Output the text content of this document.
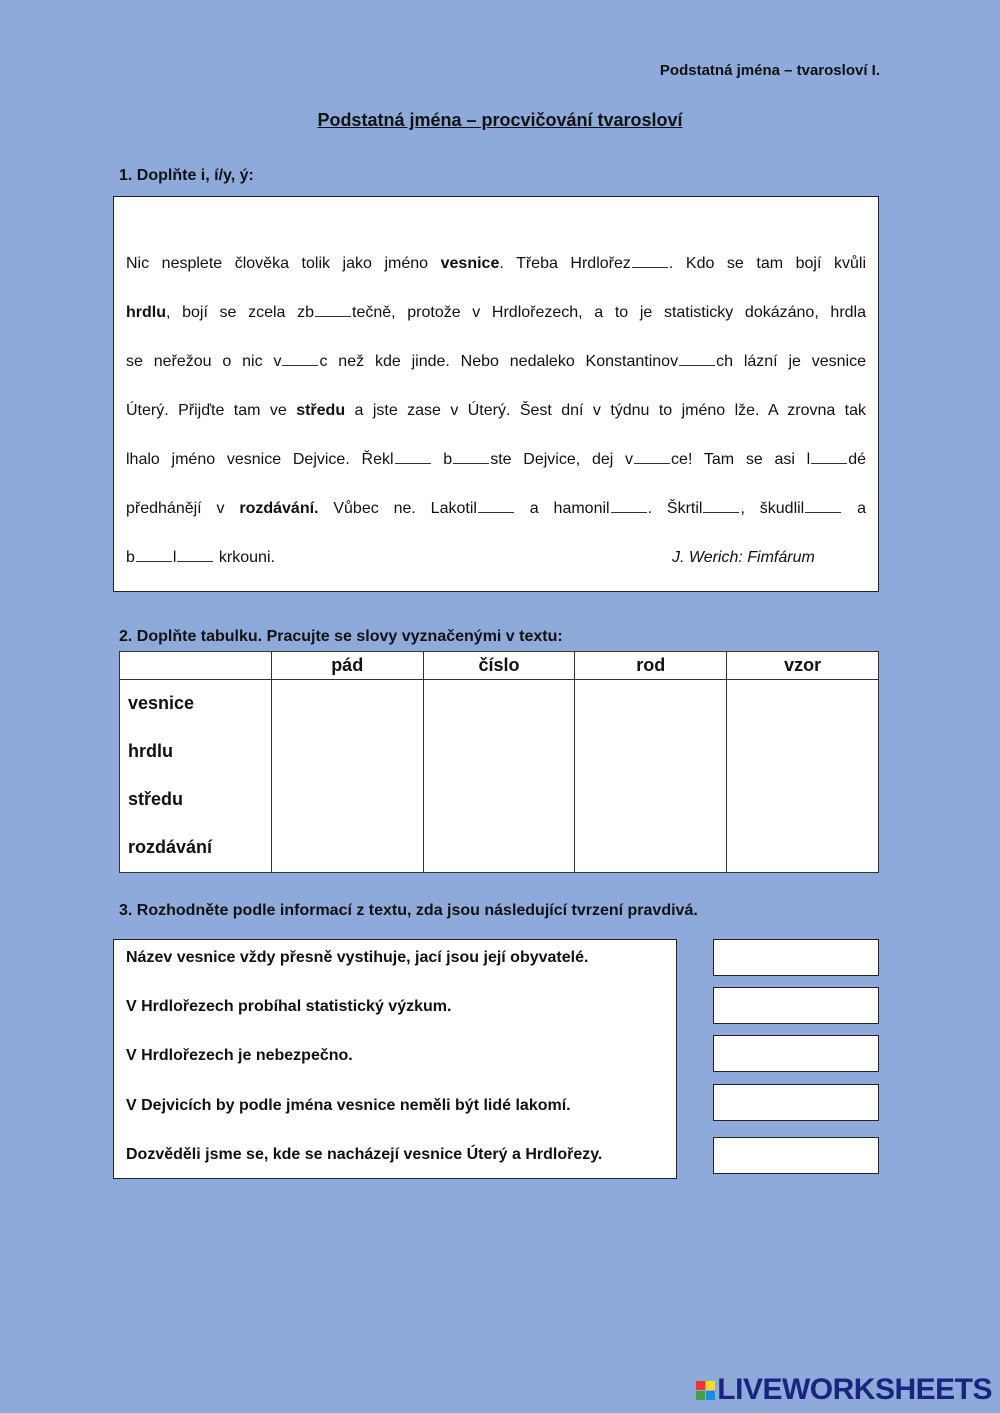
Podstatná jména – tvarosloví I.
Podstatná jména – procvičování tvarosloví
1. Doplňte i, í/y, ý:
Nic nesplete člověka tolik jako jméno vesnice. Třeba Hrdlořez . Kdo se tam bojí kvůli
hrdlu, bojí se zcela zb tečně, protože v Hrdlořezech, a to je statisticky dokázáno, hrdla
se neřežou o nic v c než kde jinde. Nebo nedaleko Konstantinov ch lázní je vesnice
Úterý. Přijďte tam ve středu a jste zase v Úterý. Šest dní v týdnu to jméno lže. A zrovna tak
lhalo jméno vesnice Dejvice. Řekl b ste Dejvice, dej v ce! Tam se asi l dé
předhánějí v rozdávání. Vůbec ne. Lakotil a hamonil . Škrtil , škudlil a
b l krkouni.	J. Werich: Fimfárum
2. Doplňte tabulku. Pracujte se slovy vyznačenými v textu:
	pád	číslo	rod	vzor
vesnice				
hrdlu				
středu				
rozdávání				
3. Rozhodněte podle informací z textu, zda jsou následující tvrzení pravdivá.
Název vesnice vždy přesně vystihuje, jací jsou její obyvatelé.
V Hrdlořezech probíhal statistický výzkum.
V Hrdlořezech je nebezpečno.
V Dejvicích by podle jména vesnice neměli být lidé lakomí.
Dozvěděli jsme se, kde se nacházejí vesnice Úterý a Hrdlořezy.
LIVEWORKSHEETS
